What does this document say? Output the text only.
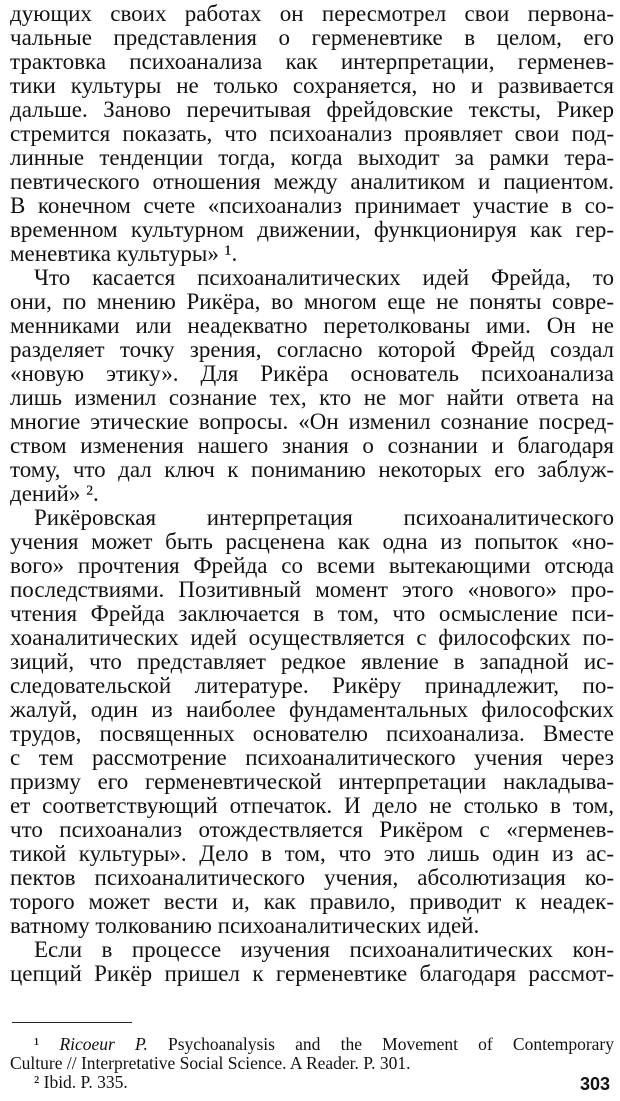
дующих своих работах он пересмотрел свои первона-
чальные представления о герменевтике в целом, его
трактовка психоанализа как интерпретации, герменев-
тики культуры не только сохраняется, но и развивается
дальше. Заново перечитывая фрейдовские тексты, Рикер
стремится показать, что психоанализ проявляет свои под-
линные тенденции тогда, когда выходит за рамки тера-
певтического отношения между аналитиком и пациентом.
В конечном счете «психоанализ принимает участие в со-
временном культурном движении, функционируя как гер-
меневтика культуры» ¹.
Что касается психоаналитических идей Фрейда, то
они, по мнению Рикёра, во многом еще не поняты совре-
менниками или неадекватно перетолкованы ими. Он не
разделяет точку зрения, согласно которой Фрейд создал
«новую этику». Для Рикёра основатель психоанализа
лишь изменил сознание тех, кто не мог найти ответа на
многие этические вопросы. «Он изменил сознание посред-
ством изменения нашего знания о сознании и благодаря
тому, что дал ключ к пониманию некоторых его заблуж-
дений» ².
Рикёровская интерпретация психоаналитического
учения может быть расценена как одна из попыток «но-
вого» прочтения Фрейда со всеми вытекающими отсюда
последствиями. Позитивный момент этого «нового» про-
чтения Фрейда заключается в том, что осмысление пси-
хоаналитических идей осуществляется с философских по-
зиций, что представляет редкое явление в западной ис-
следовательской литературе. Рикёру принадлежит, по-
жалуй, один из наиболее фундаментальных философских
трудов, посвященных основателю психоанализа. Вместе
с тем рассмотрение психоаналитического учения через
призму его герменевтической интерпретации накладыва-
ет соответствующий отпечаток. И дело не столько в том,
что психоанализ отождествляется Рикёром с «герменев-
тикой культуры». Дело в том, что это лишь один из ас-
пектов психоаналитического учения, абсолютизация ко-
торого может вести и, как правило, приводит к неадек-
ватному толкованию психоаналитических идей.
Если в процессе изучения психоаналитических кон-
цепций Рикёр пришел к герменевтике благодаря рассмот-
¹ Ricoeur P. Psychoanalysis and the Movement of Contemporary
Culture // Interpretative Social Science. A Reader. P. 301.
² Ibid. P. 335.	303
